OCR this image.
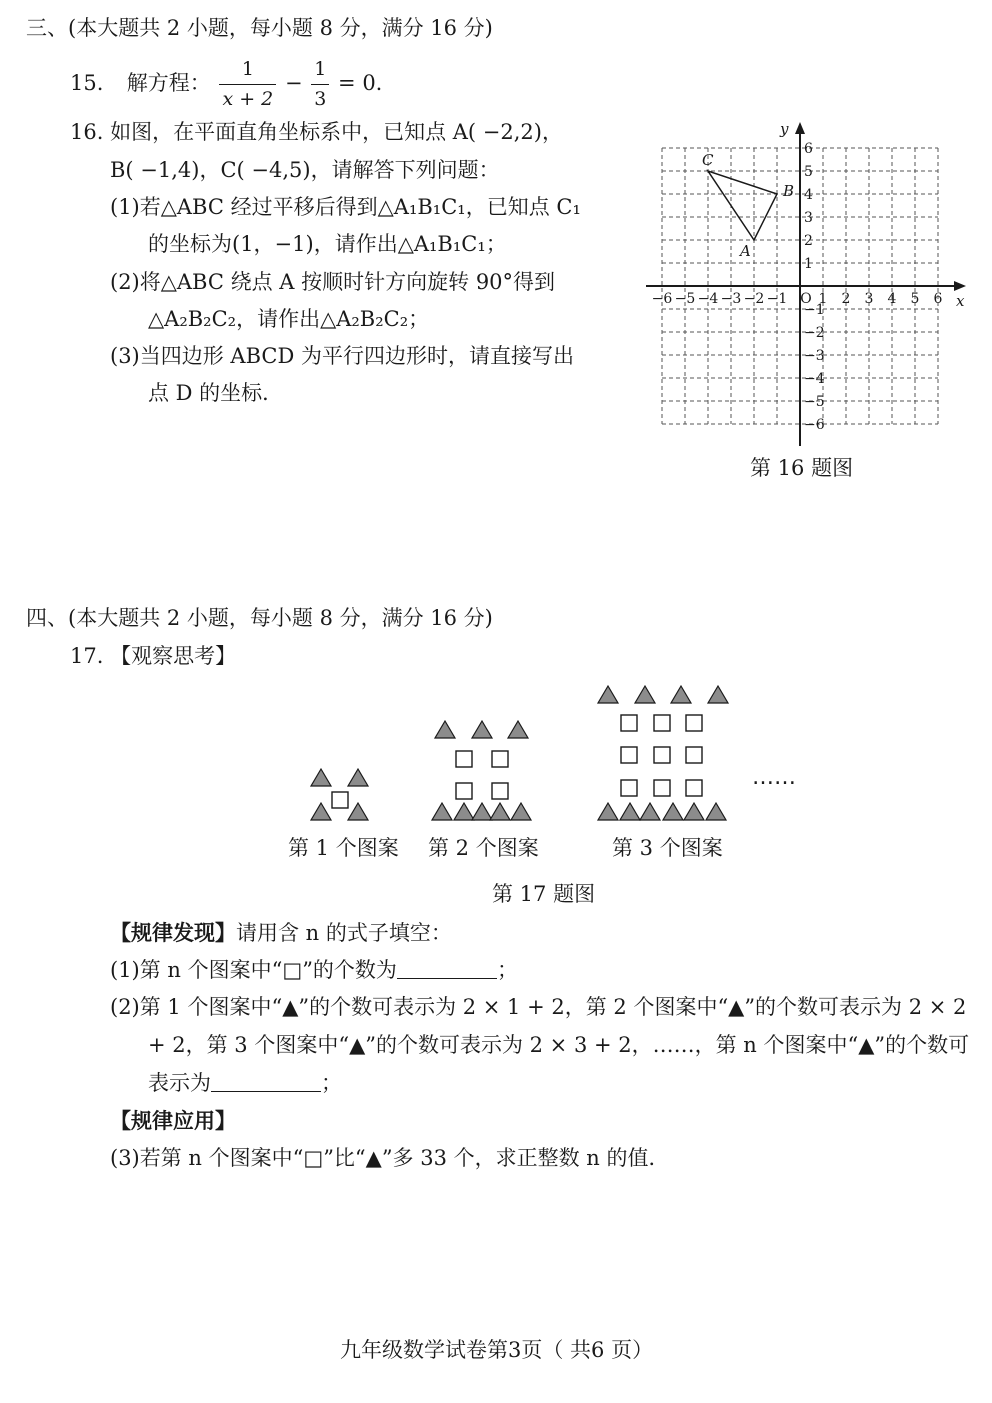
三、(本大题共 2 小题，每小题 8 分，满分 16 分)
15. 解方程： $\frac{1}{x + 2} - \frac{1}{3} = 0$.
16. 如图，在平面直角坐标系中，已知点 A( −2,2)，
B( −1,4)，C( −4,5)，请解答下列问题：
(1)若△ABC 经过平移后得到△A₁B₁C₁，已知点 C₁
的坐标为(1，−1)，请作出△A₁B₁C₁；
(2)将△ABC 绕点 A 按顺时针方向旋转 90°得到
△A₂B₂C₂，请作出△A₂B₂C₂；
(3)当四边形 ABCD 为平行四边形时，请直接写出
点 D 的坐标．
x
y
−6 −5 −4 −3 −2 −1 O 1 2 3 4 5 6
6
5
4
3
2
1
−1
−2
−3
−4
−5
−6
A
B
C
第 16 题图
四、(本大题共 2 小题，每小题 8 分，满分 16 分)
17. 【观察思考】
……
第 1 个图案 第 2 个图案	第 3 个图案
第 17 题图
【规律发现】请用含 n 的式子填空：
(1)第 n 个图案中“□”的个数为	；
(2)第 1 个图案中“▲”的个数可表示为 2 × 1 + 2，第 2 个图案中“▲”的个数可表示为 2 × 2
+ 2，第 3 个图案中“▲”的个数可表示为 2 × 3 + 2，……，第 n 个图案中“▲”的个数可
表示为	；
【规律应用】
(3)若第 n 个图案中“□”比“▲”多 33 个，求正整数 n 的值．
九年级数学试卷第3页（ 共6 页）
